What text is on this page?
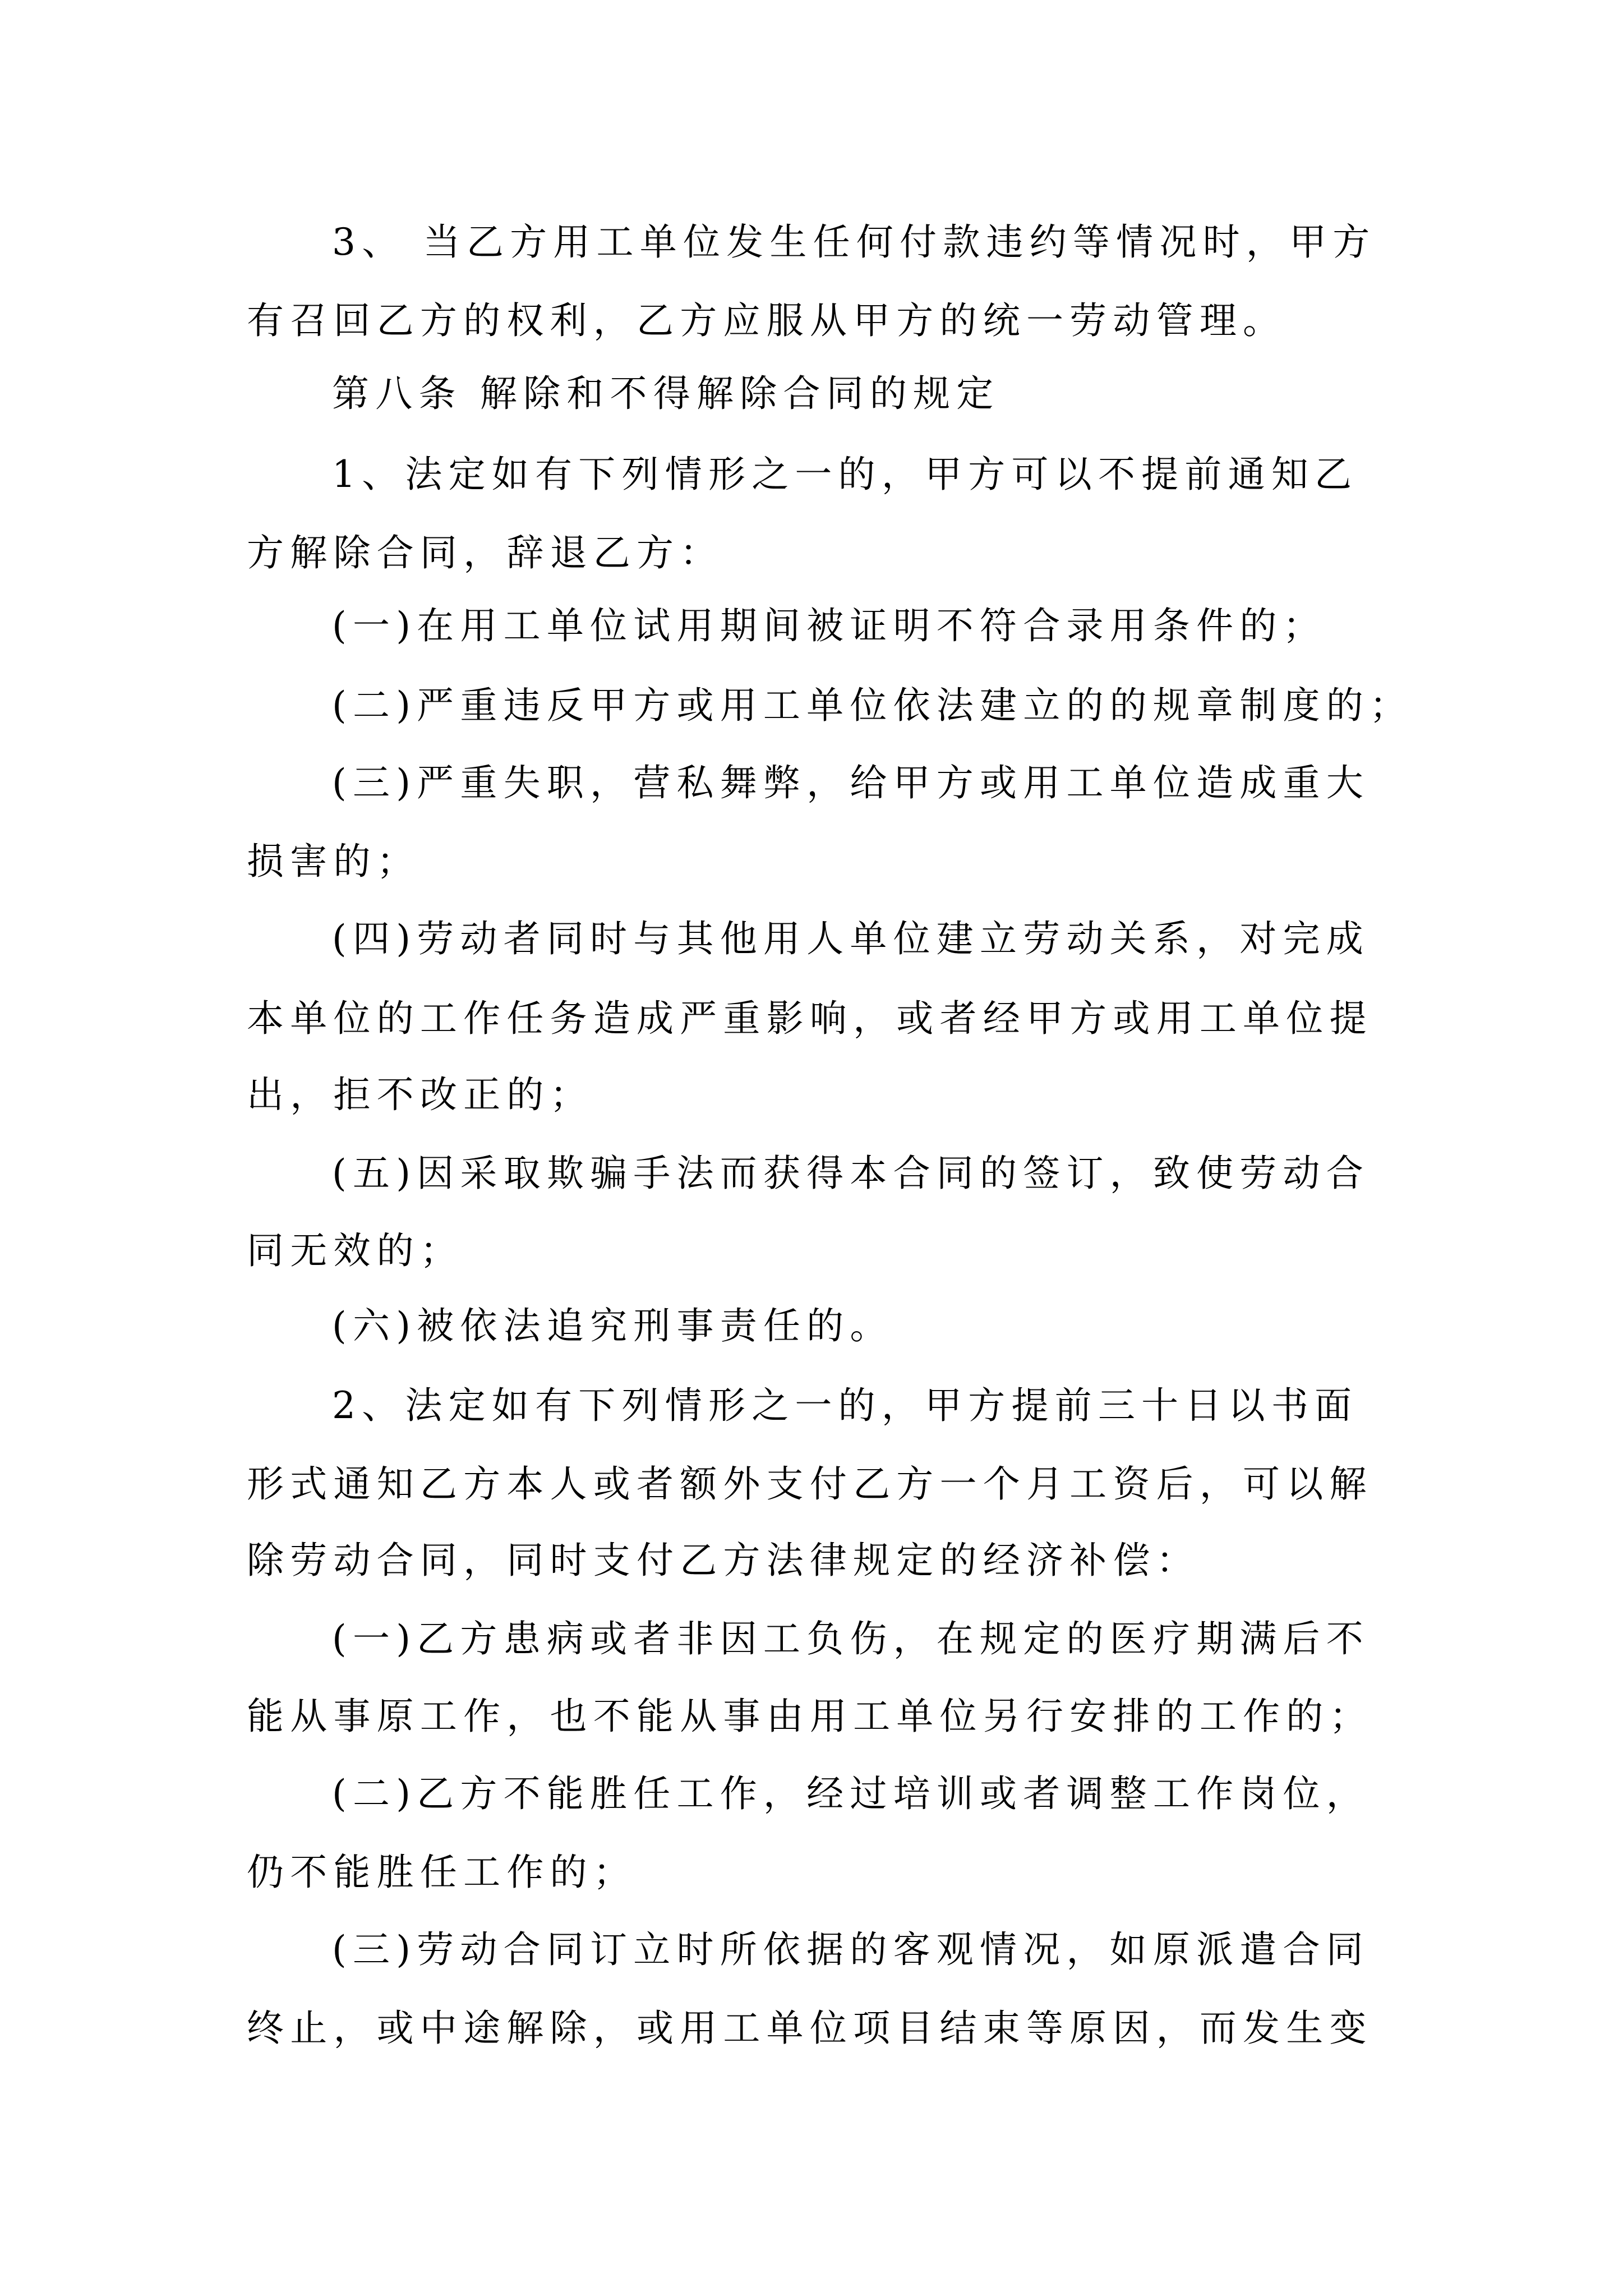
3、 当乙方用工单位发生任何付款违约等情况时，甲方
有召回乙方的权利，乙方应服从甲方的统一劳动管理。
第八条 解除和不得解除合同的规定
1、法定如有下列情形之一的，甲方可以不提前通知乙
方解除合同，辞退乙方：
(一)在用工单位试用期间被证明不符合录用条件的；
(二)严重违反甲方或用工单位依法建立的的规章制度的；
(三)严重失职，营私舞弊，给甲方或用工单位造成重大
损害的；
(四)劳动者同时与其他用人单位建立劳动关系，对完成
本单位的工作任务造成严重影响，或者经甲方或用工单位提
出，拒不改正的；
(五)因采取欺骗手法而获得本合同的签订，致使劳动合
同无效的；
(六)被依法追究刑事责任的。
2、法定如有下列情形之一的，甲方提前三十日以书面
形式通知乙方本人或者额外支付乙方一个月工资后，可以解
除劳动合同，同时支付乙方法律规定的经济补偿：
(一)乙方患病或者非因工负伤，在规定的医疗期满后不
能从事原工作，也不能从事由用工单位另行安排的工作的；
(二)乙方不能胜任工作，经过培训或者调整工作岗位，
仍不能胜任工作的；
(三)劳动合同订立时所依据的客观情况，如原派遣合同
终止，或中途解除，或用工单位项目结束等原因，而发生变
